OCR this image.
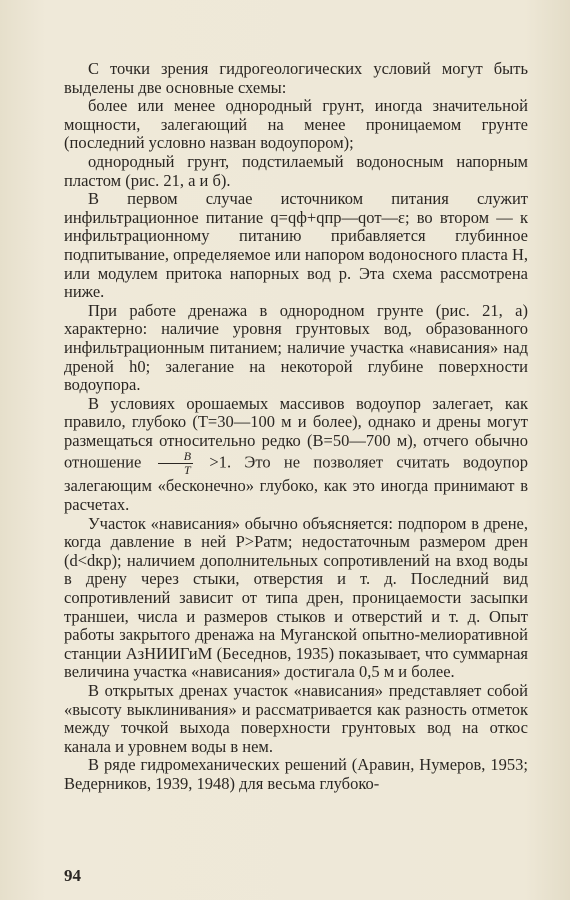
С точки зрения гидрогеологических условий могут быть выделены две основные схемы:

более или менее однородный грунт, иногда значительной мощности, залегающий на менее проницаемом грунте (последний условно назван водоупором);

однородный грунт, подстилаемый водоносным напорным пластом (рис. 21, а и б).

В первом случае источником питания служит инфильтрационное питание q=qф+qпр—qот—ε; во втором — к инфильтрационному питанию прибавляется глубинное подпитывание, определяемое или напором водоносного пласта H, или модулем притока напорных вод p. Эта схема рассмотрена ниже.

При работе дренажа в однородном грунте (рис. 21, а) характерно: наличие уровня грунтовых вод, образованного инфильтрационным питанием; наличие участка «нависания» над дреной h0; залегание на некоторой глубине поверхности водоупора.

В условиях орошаемых массивов водоупор залегает, как правило, глубоко (T=30—100 м и более), однако и дрены могут размещаться относительно редко (B=50—700 м), отчего обычно отношение $\frac{B}{T} >1$. Это не позволяет считать водоупор залегающим «бесконечно» глубоко, как это иногда принимают в расчетах.

Участок «нависания» обычно объясняется: подпором в дрене, когда давление в ней P>Pатм; недостаточным размером дрен (d<dкр); наличием дополнительных сопротивлений на вход воды в дрену через стыки, отверстия и т. д. Последний вид сопротивлений зависит от типа дрен, проницаемости засыпки траншеи, числа и размеров стыков и отверстий и т. д. Опыт работы закрытого дренажа на Муганской опытно-мелиоративной станции АзНИИГиМ (Беседнов, 1935) показывает, что суммарная величина участка «нависания» достигала 0,5 м и более.

В открытых дренах участок «нависания» представляет собой «высоту выклинивания» и рассматривается как разность отметок между точкой выхода поверхности грунтовых вод на откос канала и уровнем воды в нем.

В ряде гидромеханических решений (Аравин, Нумеров, 1953; Ведерников, 1939, 1948) для весьма глубоко-

94
